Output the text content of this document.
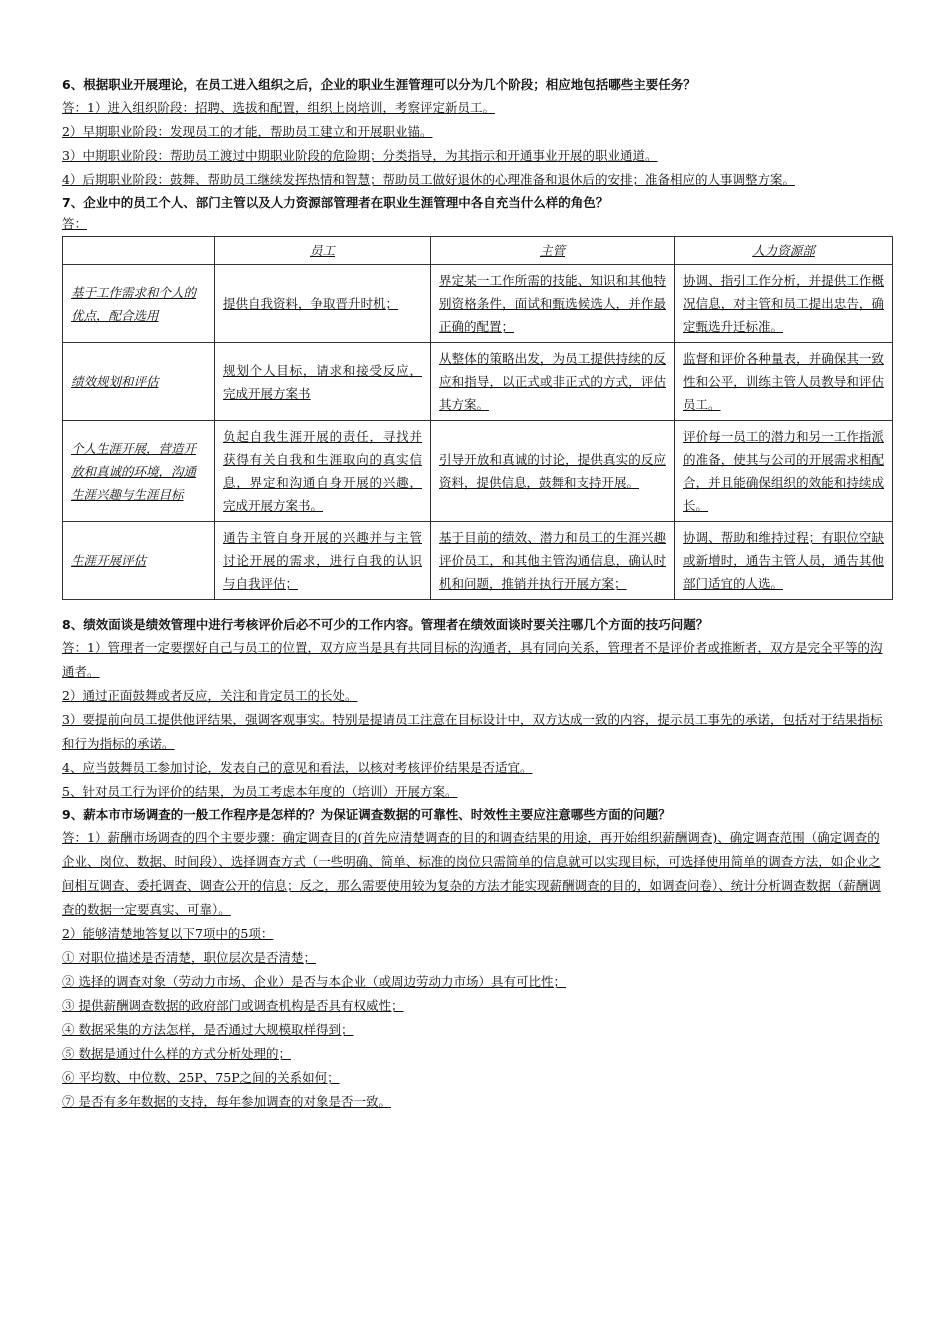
6、根据职业开展理论，在员工进入组织之后，企业的职业生涯管理可以分为几个阶段；相应地包括哪些主要任务？

答：1）进入组织阶段：招聘、选拔和配置，组织上岗培训，考察评定新员工。

2）早期职业阶段：发现员工的才能，帮助员工建立和开展职业锚。

3）中期职业阶段：帮助员工渡过中期职业阶段的危险期；分类指导，为其指示和开通事业开展的职业通道。

4）后期职业阶段：鼓舞、帮助员工继续发挥热情和智慧；帮助员工做好退休的心理准备和退休后的安排；准备相应的人事调整方案。

7、企业中的员工个人、部门主管以及人力资源部管理者在职业生涯管理中各自充当什么样的角色？

答：

	员工	主管	人力资源部
基于工作需求和个人的优点，配合选用	提供自我资料，争取晋升时机；	界定某一工作所需的技能、知识和其他特别资格条件，面试和甄选候选人，并作最正确的配置；	协调、指引工作分析，并提供工作概况信息，对主管和员工提出忠告，确定甄选升迁标准。
绩效规划和评估	规划个人目标，请求和接受反应，完成开展方案书	从整体的策略出发，为员工提供持续的反应和指导，以正式或非正式的方式，评估其方案。	监督和评价各种量表，并确保其一致性和公平，训练主管人员教导和评估员工。
个人生涯开展，营造开放和真诚的环境，沟通生涯兴趣与生涯目标	负起自我生涯开展的责任，寻找并获得有关自我和生涯取向的真实信息，界定和沟通自身开展的兴趣，完成开展方案书。	引导开放和真诚的讨论，提供真实的反应资料，提供信息，鼓舞和支持开展。	评价每一员工的潜力和另一工作指派的准备，使其与公司的开展需求相配合，并且能确保组织的效能和持续成长。
生涯开展评估	通告主管自身开展的兴趣并与主管讨论开展的需求，进行自我的认识与自我评估；	基于目前的绩效、潜力和员工的生涯兴趣评价员工，和其他主管沟通信息，确认时机和问题，推销并执行开展方案；	协调、帮助和维持过程；有职位空缺或新增时，通告主管人员，通告其他部门适宜的人选。

8、绩效面谈是绩效管理中进行考核评价后必不可少的工作内容。管理者在绩效面谈时要关注哪几个方面的技巧问题？

答：1）管理者一定要摆好自己与员工的位置，双方应当是具有共同目标的沟通者，具有同向关系，管理者不是评价者或推断者，双方是完全平等的沟通者。

2）通过正面鼓舞或者反应，关注和肯定员工的长处。

3）要提前向员工提供他评结果，强调客观事实。特别是提请员工注意在目标设计中，双方达成一致的内容，提示员工事先的承诺，包括对于结果指标和行为指标的承诺。

4、应当鼓舞员工参加讨论，发表自己的意见和看法，以核对考核评价结果是否适宜。

5、针对员工行为评价的结果，为员工考虑本年度的（培训）开展方案。

9、薪本市市场调查的一般工作程序是怎样的？为保证调查数据的可靠性、时效性主要应注意哪些方面的问题？

答：1）薪酬市场调查的四个主要步骤：确定调查目的(首先应清楚调查的目的和调查结果的用途，再开始组织薪酬调查)、确定调查范围（确定调查的企业、岗位、数据、时间段）、选择调查方式（一些明确、简单、标准的岗位只需简单的信息就可以实现目标，可选择使用简单的调查方法，如企业之间相互调查、委托调查、调查公开的信息；反之，那么需要使用较为复杂的方法才能实现薪酬调查的目的，如调查问卷）、统计分析调查数据（薪酬调查的数据一定要真实、可靠）。

2）能够清楚地答复以下7项中的5项：

① 对职位描述是否清楚，职位层次是否清楚；

② 选择的调查对象（劳动力市场、企业）是否与本企业（或周边劳动力市场）具有可比性；

③ 提供薪酬调查数据的政府部门或调查机构是否具有权威性；

④ 数据采集的方法怎样，是否通过大规模取样得到；

⑤ 数据是通过什么样的方式分析处理的；

⑥ 平均数、中位数、25P、75P之间的关系如何；

⑦ 是否有多年数据的支持，每年参加调查的对象是否一致。
